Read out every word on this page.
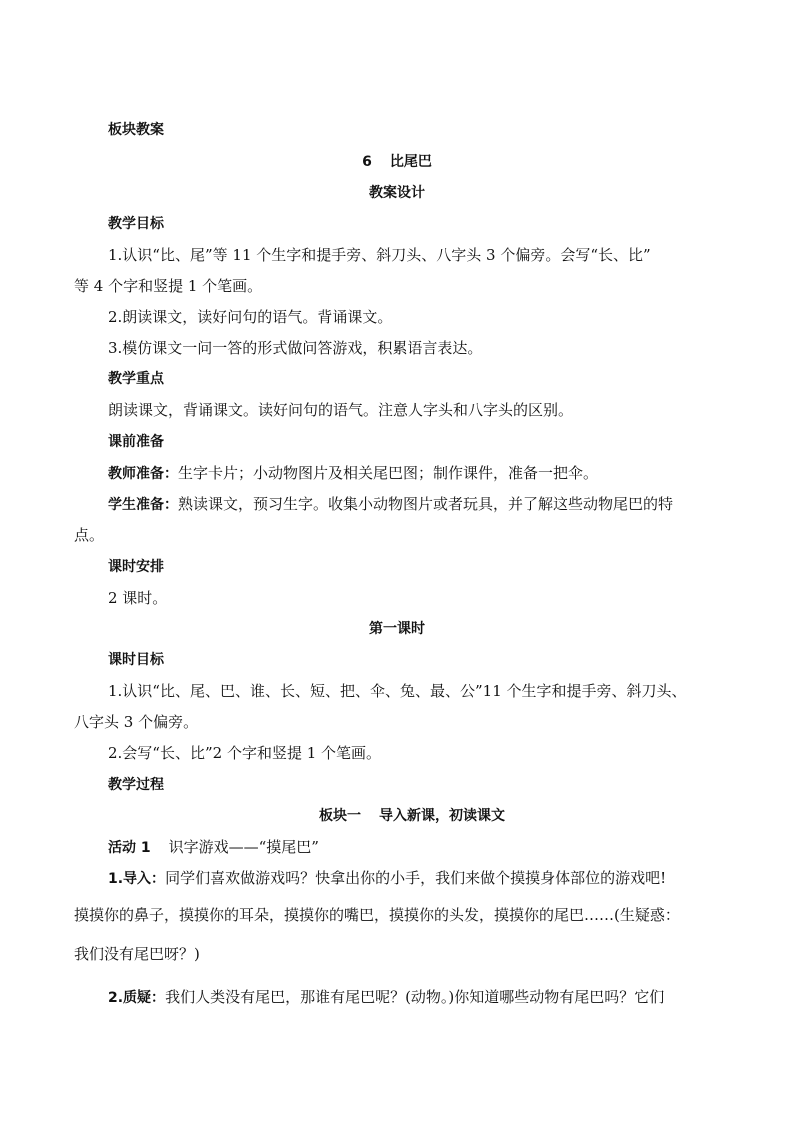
板块教案
6 比尾巴
教案设计
教学目标
1.认识“比、尾”等 11 个生字和提手旁、斜刀头、八字头 3 个偏旁。会写“长、比”
等 4 个字和竖提 1 个笔画。
2.朗读课文，读好问句的语气。背诵课文。
3.模仿课文一问一答的形式做问答游戏，积累语言表达。
教学重点
朗读课文，背诵课文。读好问句的语气。注意人字头和八字头的区别。
课前准备
教师准备：生字卡片；小动物图片及相关尾巴图；制作课件，准备一把伞。
学生准备：熟读课文，预习生字。收集小动物图片或者玩具，并了解这些动物尾巴的特
点。
课时安排
2 课时。
第一课时
课时目标
1.认识“比、尾、巴、谁、长、短、把、伞、兔、最、公”11 个生字和提手旁、斜刀头、
八字头 3 个偏旁。
2.会写“长、比”2 个字和竖提 1 个笔画。
教学过程
板块一 导入新课，初读课文
活动 1 识字游戏——“摸尾巴”
1.导入：同学们喜欢做游戏吗？快拿出你的小手，我们来做个摸摸身体部位的游戏吧!
摸摸你的鼻子，摸摸你的耳朵，摸摸你的嘴巴，摸摸你的头发，摸摸你的尾巴……(生疑惑：
我们没有尾巴呀？)
2.质疑：我们人类没有尾巴，那谁有尾巴呢？(动物。)你知道哪些动物有尾巴吗？它们
